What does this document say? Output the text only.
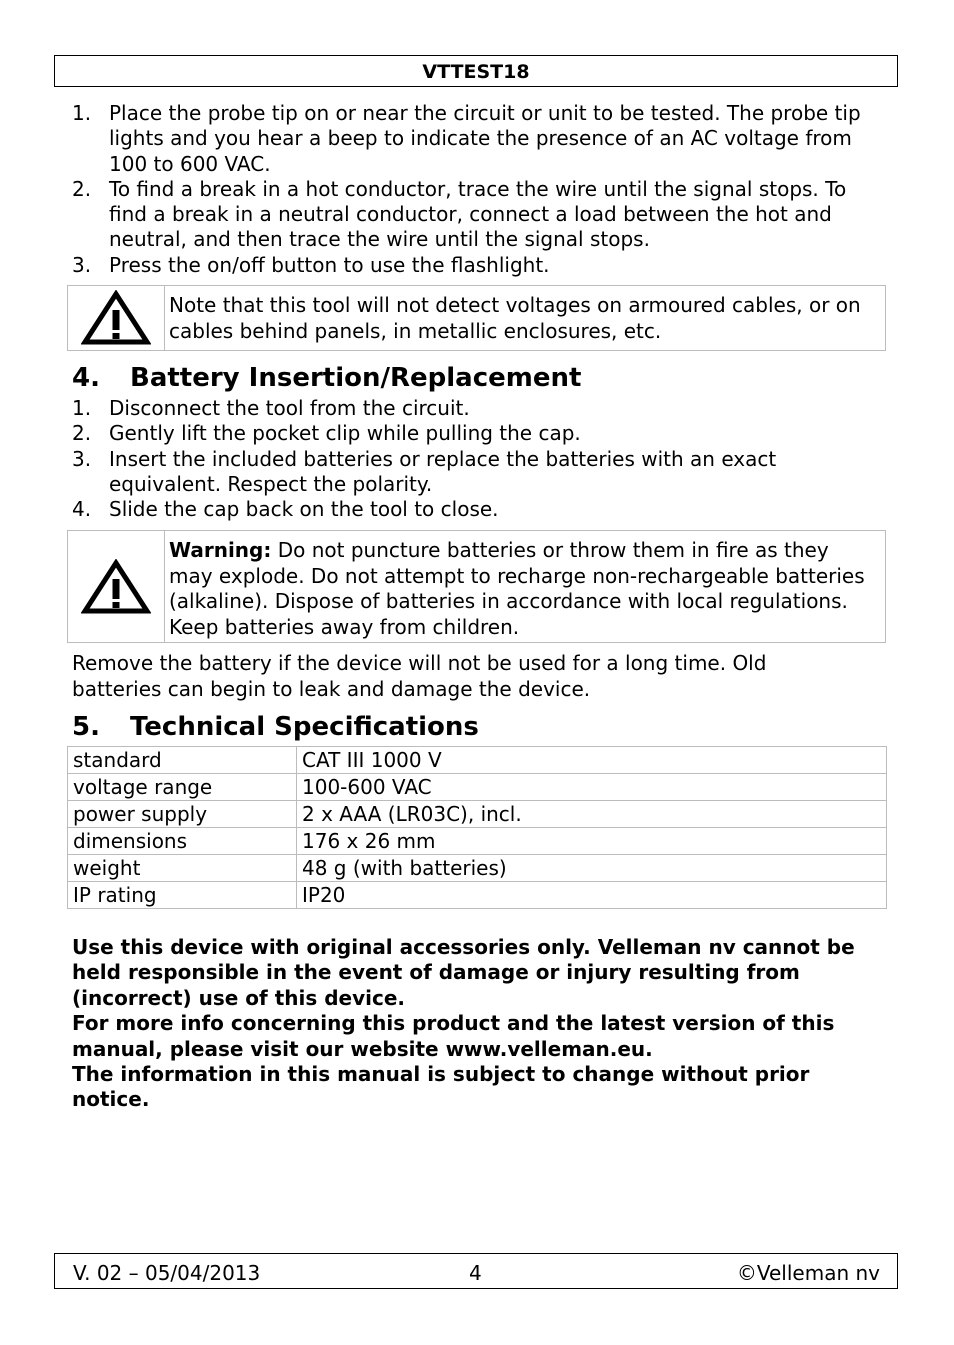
VTTEST18
1. Place the probe tip on or near the circuit or unit to be tested. The probe tip lights and you hear a beep to indicate the presence of an AC voltage from 100 to 600 VAC.
2. To find a break in a hot conductor, trace the wire until the signal stops. To find a break in a neutral conductor, connect a load between the hot and neutral, and then trace the wire until the signal stops.
3. Press the on/off button to use the flashlight.
Note that this tool will not detect voltages on armoured cables, or on cables behind panels, in metallic enclosures, etc.
4. Battery Insertion/Replacement
1. Disconnect the tool from the circuit.
2. Gently lift the pocket clip while pulling the cap.
3. Insert the included batteries or replace the batteries with an exact equivalent. Respect the polarity.
4. Slide the cap back on the tool to close.
Warning: Do not puncture batteries or throw them in fire as they may explode. Do not attempt to recharge non-rechargeable batteries (alkaline). Dispose of batteries in accordance with local regulations. Keep batteries away from children.

Remove the battery if the device will not be used for a long time. Old batteries can begin to leak and damage the device.

5. Technical Specifications
standard	CAT III 1000 V
voltage range	100-600 VAC
power supply	2 x AAA (LR03C), incl.
dimensions	176 x 26 mm
weight	48 g (with batteries)
IP rating	IP20

Use this device with original accessories only. Velleman nv cannot be held responsible in the event of damage or injury resulting from (incorrect) use of this device.

For more info concerning this product and the latest version of this manual, please visit our website www.velleman.eu.

The information in this manual is subject to change without prior notice.

V. 02 – 05/04/2013	4	©Velleman nv
